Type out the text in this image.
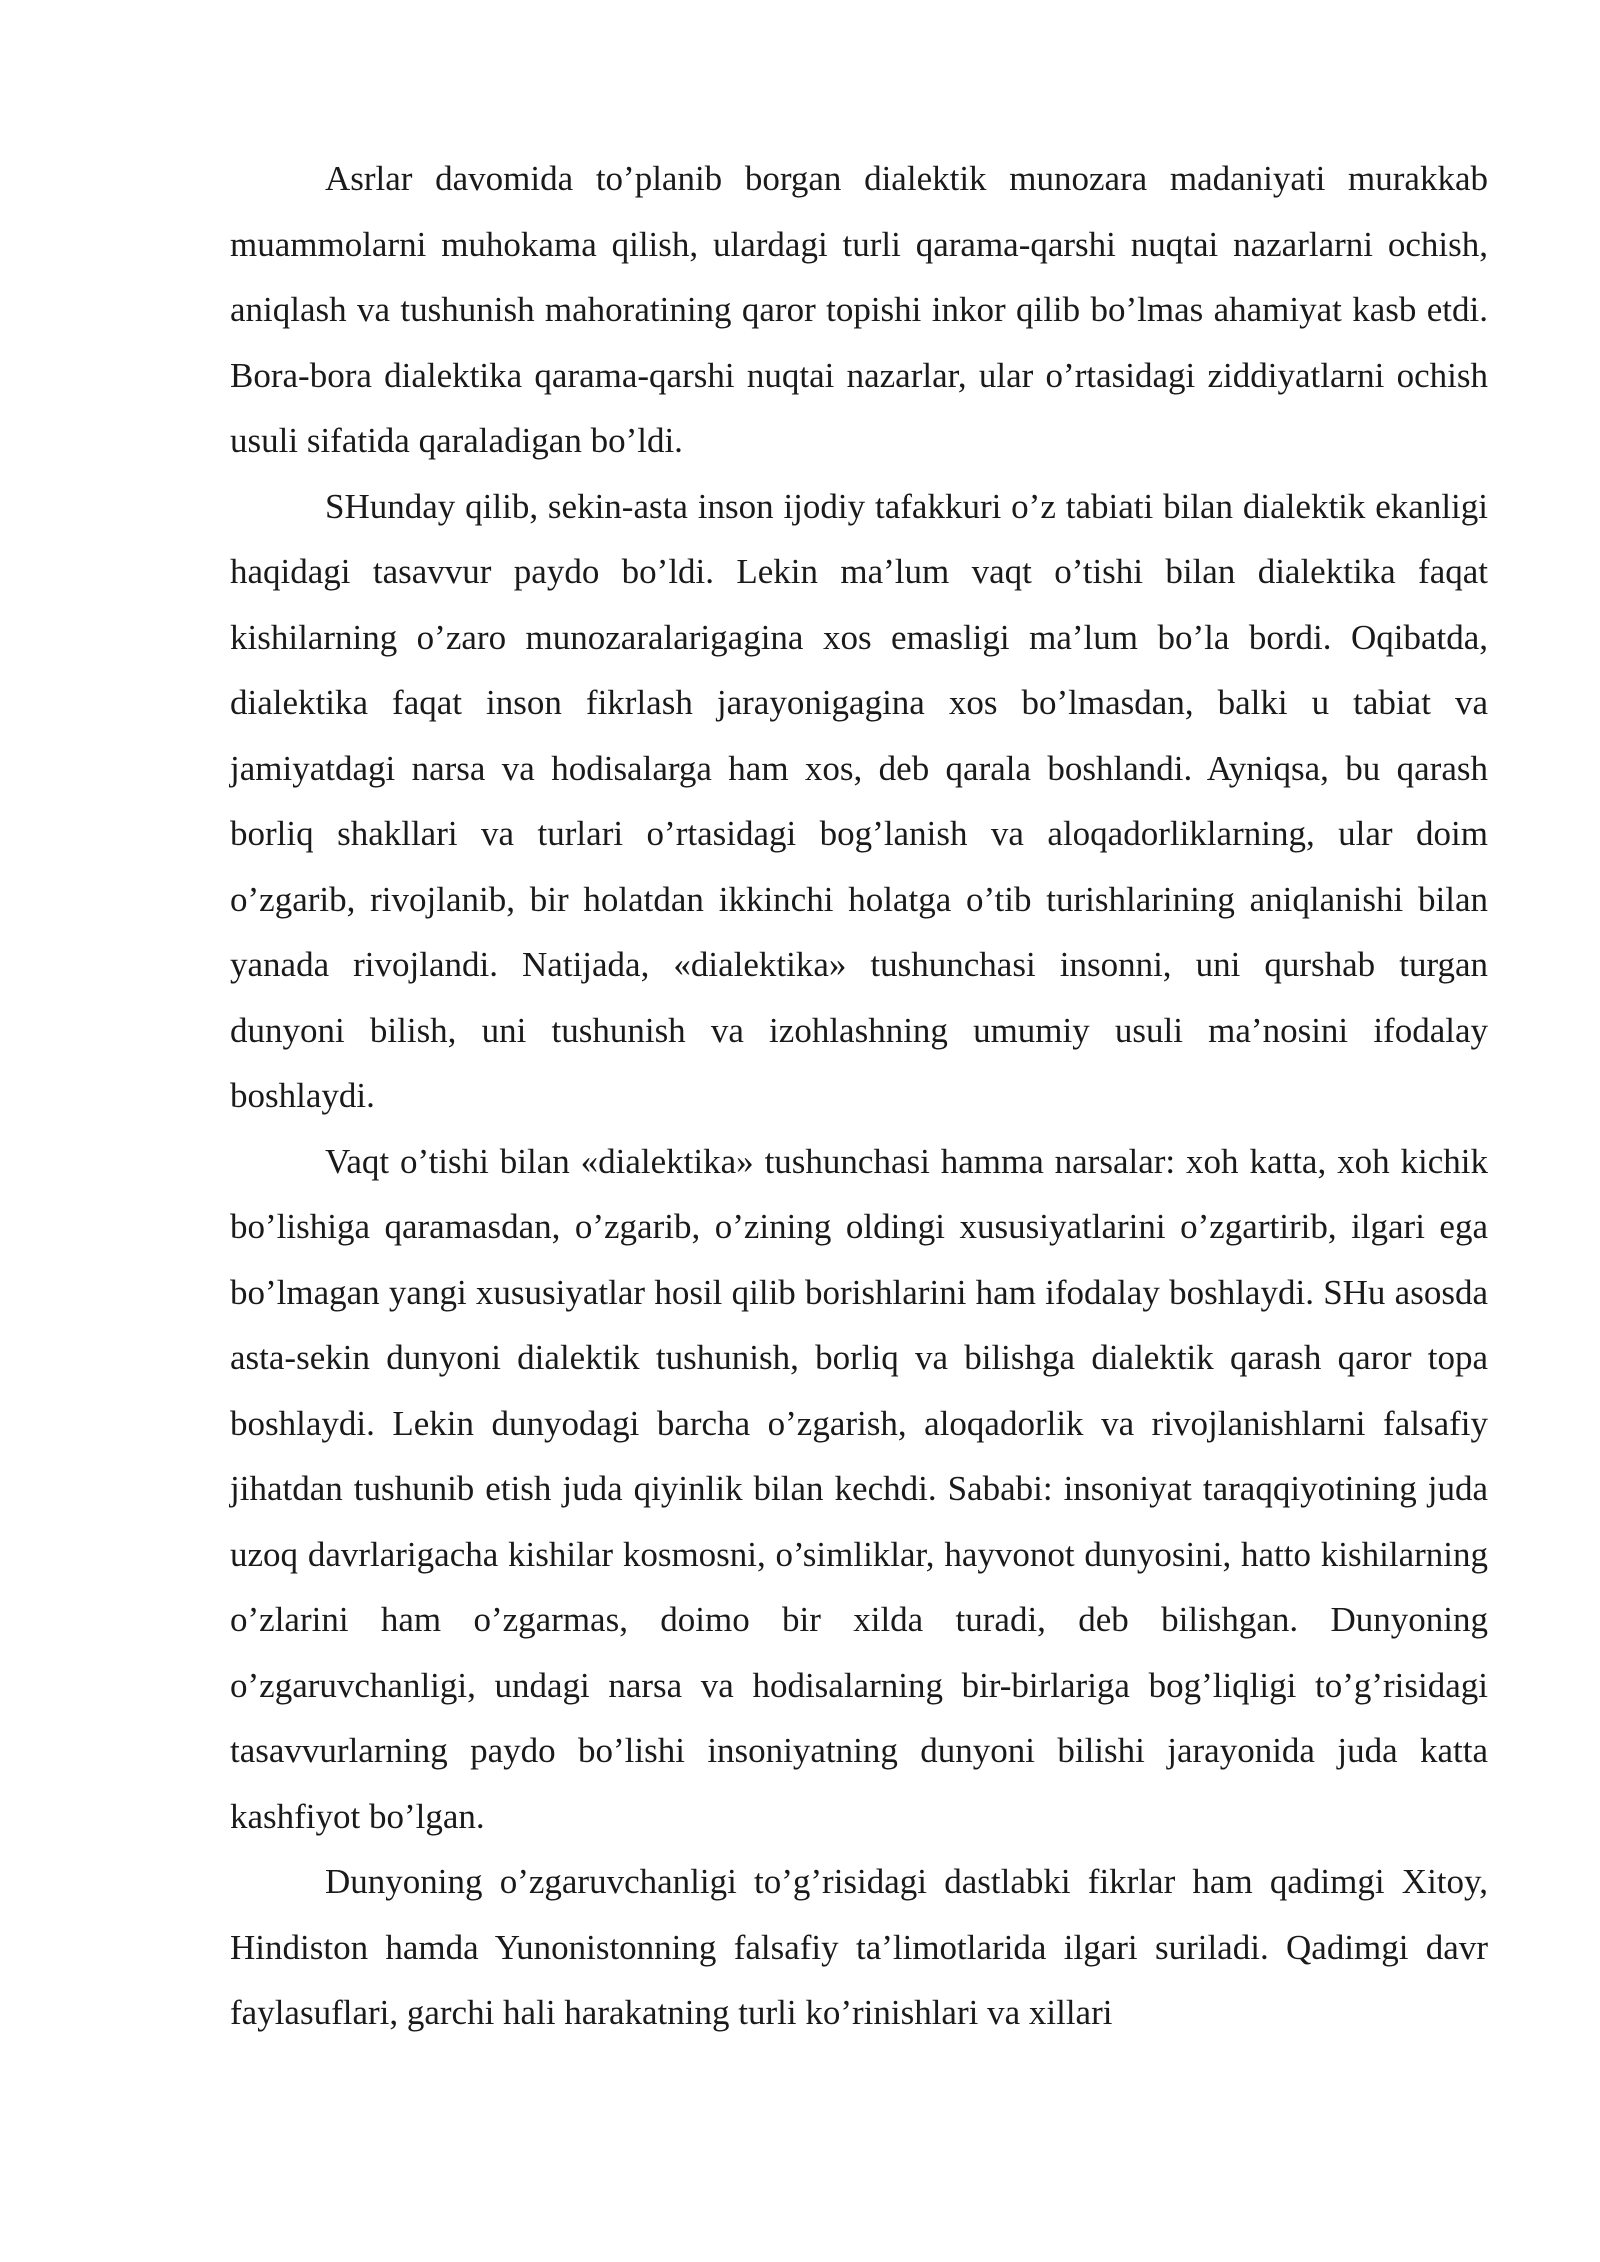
Asrlar davomida to’planib borgan dialektik munozara madaniyati murakkab muammolarni muhokama qilish, ulardagi turli qarama-qarshi nuqtai nazarlarni ochish, aniqlash va tushunish mahoratining qaror topishi inkor qilib bo’lmas ahamiyat kasb etdi. Bora-bora dialektika qarama-qarshi nuqtai nazarlar, ular o’rtasidagi ziddiyatlarni ochish usuli sifatida qaraladigan bo’ldi.

SHunday qilib, sekin-asta inson ijodiy tafakkuri o’z tabiati bilan dialektik ekanligi haqidagi tasavvur paydo bo’ldi. Lekin ma’lum vaqt o’tishi bilan dialektika faqat kishilarning o’zaro munozaralarigagina xos emasligi ma’lum bo’la bordi. Oqibatda, dialektika faqat inson fikrlash jarayonigagina xos bo’lmasdan, balki u tabiat va jamiyatdagi narsa va hodisalarga ham xos, deb qarala boshlandi. Ayniqsa, bu qarash borliq shakllari va turlari o’rtasidagi bog’lanish va aloqadorliklarning, ular doim o’zgarib, rivojlanib, bir holatdan ikkinchi holatga o’tib turishlarining aniqlanishi bilan yanada rivojlandi. Natijada, «dialektika» tushunchasi insonni, uni qurshab turgan dunyoni bilish, uni tushunish va izohlashning umumiy usuli ma’nosini ifodalay boshlaydi.

Vaqt o’tishi bilan «dialektika» tushunchasi hamma narsalar: xoh katta, xoh kichik bo’lishiga qaramasdan, o’zgarib, o’zining oldingi xususiyatlarini o’zgartirib, ilgari ega bo’lmagan yangi xususiyatlar hosil qilib borishlarini ham ifodalay boshlaydi. SHu asosda asta-sekin dunyoni dialektik tushunish, borliq va bilishga dialektik qarash qaror topa boshlaydi. Lekin dunyodagi barcha o’zgarish, aloqadorlik va rivojlanishlarni falsafiy jihatdan tushunib etish juda qiyinlik bilan kechdi. Sababi: insoniyat taraqqiyotining juda uzoq davrlarigacha kishilar kosmosni, o’simliklar, hayvonot dunyosini, hatto kishilarning o’zlarini ham o’zgarmas, doimo bir xilda turadi, deb bilishgan. Dunyoning o’zgaruvchanligi, undagi narsa va hodisalarning bir-birlariga bog’liqligi to’g’risidagi tasavvurlarning paydo bo’lishi insoniyatning dunyoni bilishi jarayonida juda katta kashfiyot bo’lgan.

Dunyoning o’zgaruvchanligi to’g’risidagi dastlabki fikrlar ham qadimgi Xitoy, Hindiston hamda Yunonistonning falsafiy ta’limotlarida ilgari suriladi. Qadimgi davr faylasuflari, garchi hali harakatning turli ko’rinishlari va xillari
